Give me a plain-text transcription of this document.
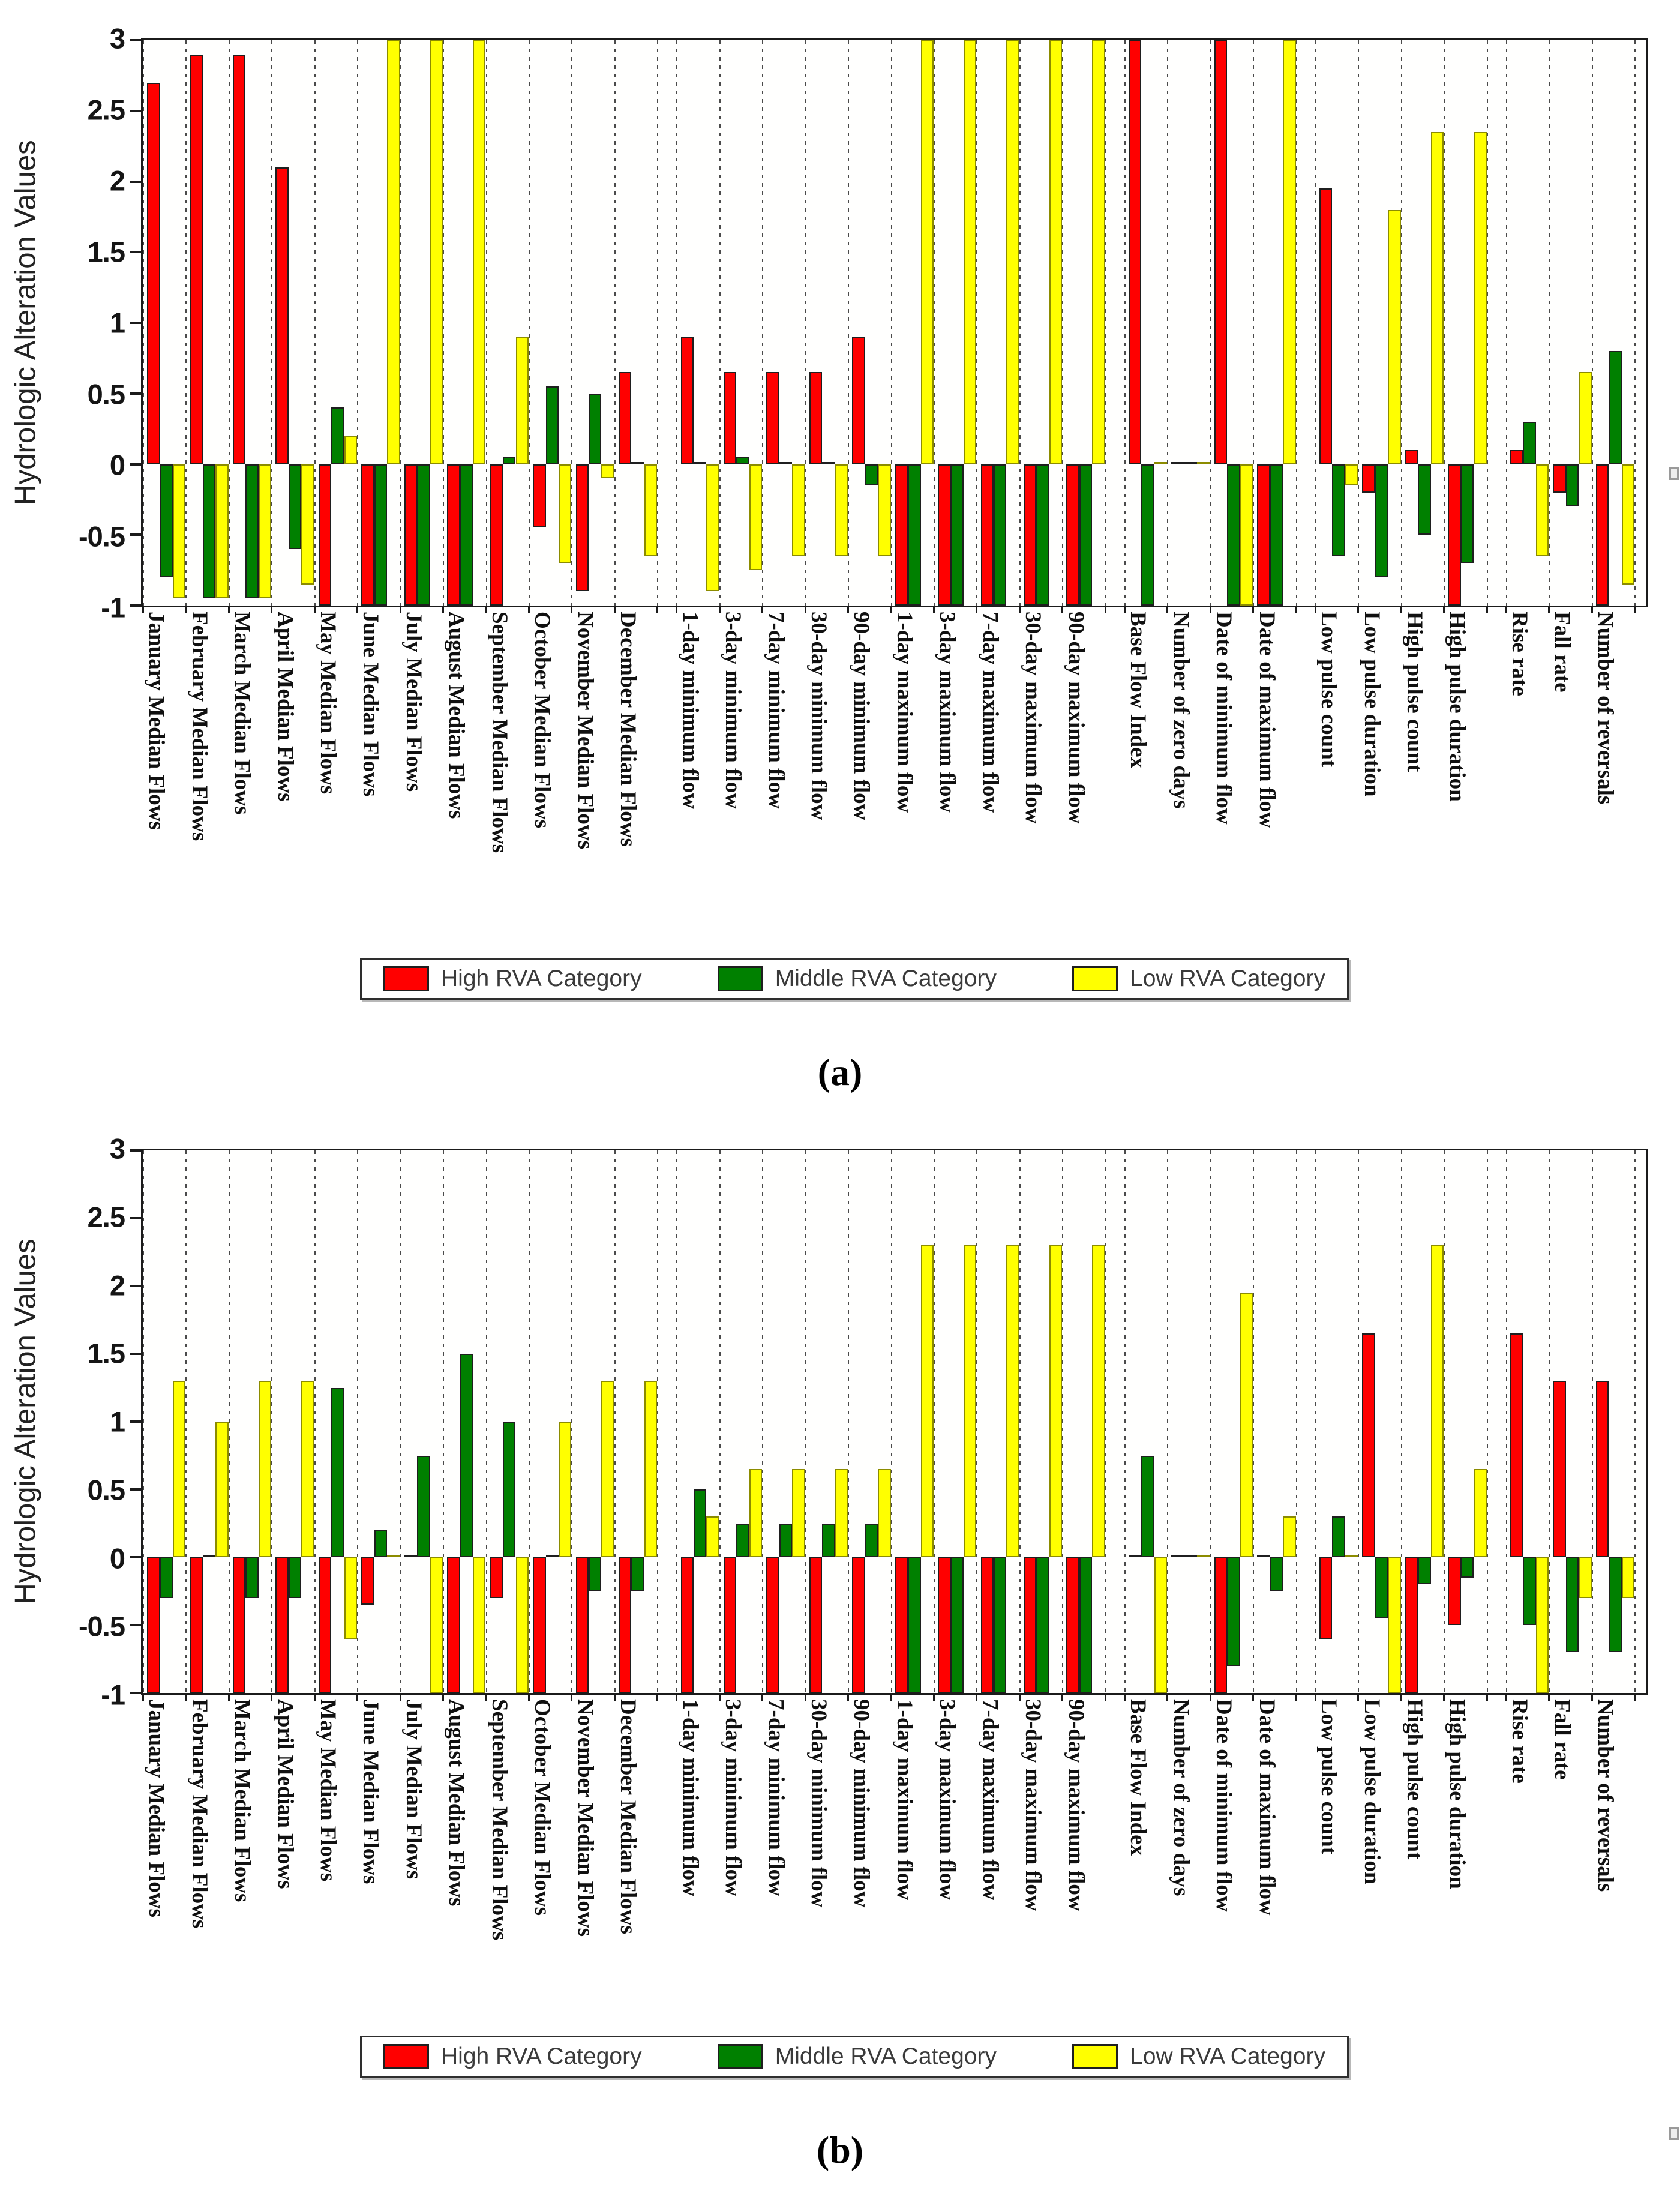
Hydrologic Alteration Values
3
2.5
2
1.5
1
0.5
0
-0.5
-1
January Median Flows February Median Flows March Median Flows April Median Flows May Median Flows June Median Flows July Median Flows August Median Flows September Median Flows October Median Flows November Median Flows December Median Flows 1-day minimum flow 3-day minimum flow 7-day minimum flow 30-day minimum flow 90-day minimum flow 1-day maximum flow 3-day maximum flow 7-day maximum flow 30-day maximum flow 90-day maximum flow Base Flow Index Number of zero days Date of minimum flow Date of maximum flow Low pulse count Low pulse duration High pulse count High pulse duration Rise rate Fall rate Number of reversals
High RVA Category	Middle RVA Category	Low RVA Category
(a)
Hydrologic Alteration Values
3
2.5
2
1.5
1
0.5
0
-0.5
-1
January Median Flows February Median Flows March Median Flows April Median Flows May Median Flows June Median Flows July Median Flows August Median Flows September Median Flows October Median Flows November Median Flows December Median Flows 1-day minimum flow 3-day minimum flow 7-day minimum flow 30-day minimum flow 90-day minimum flow 1-day maximum flow 3-day maximum flow 7-day maximum flow 30-day maximum flow 90-day maximum flow Base Flow Index Number of zero days Date of minimum flow Date of maximum flow Low pulse count Low pulse duration High pulse count High pulse duration Rise rate Fall rate Number of reversals
High RVA Category	Middle RVA Category	Low RVA Category
(b)
